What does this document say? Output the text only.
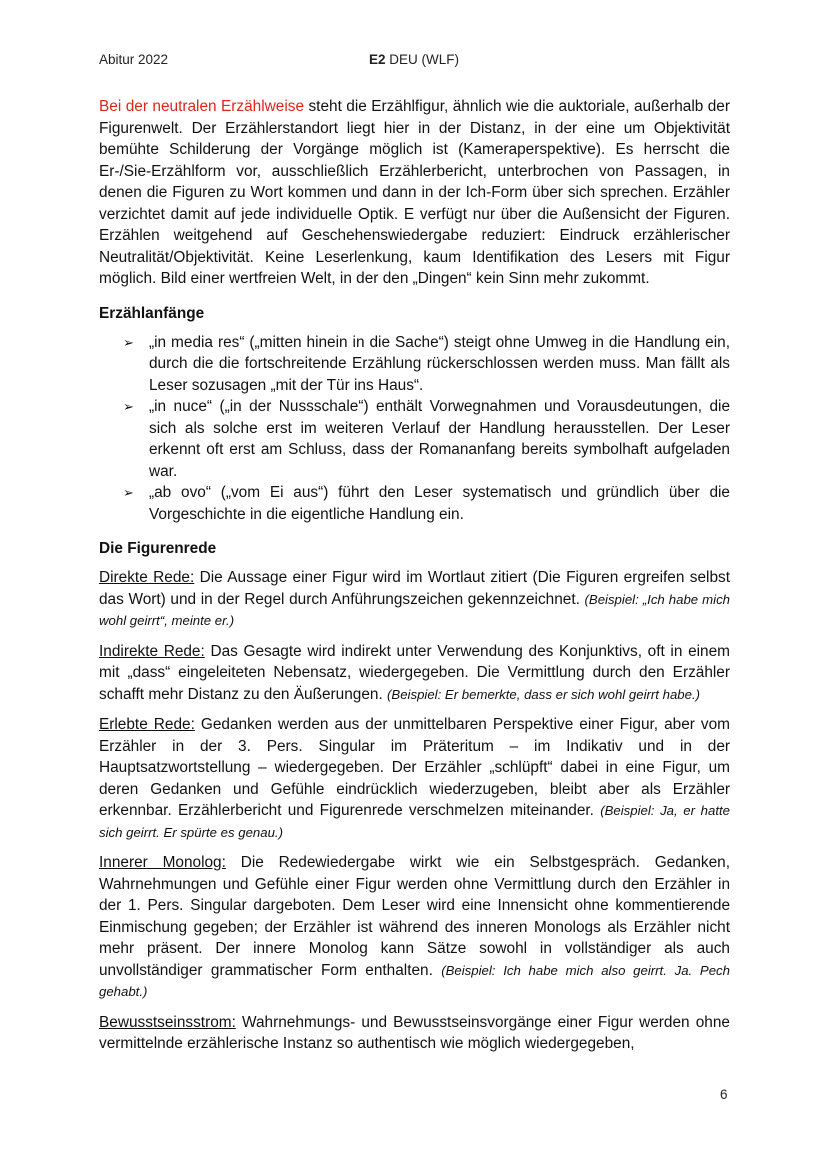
Abitur 2022	E2 DEU (WLF)

Bei der neutralen Erzählweise steht die Erzählfigur, ähnlich wie die auktoriale, außerhalb der Figurenwelt. Der Erzählerstandort liegt hier in der Distanz, in der eine um Objektivität bemühte Schilderung der Vorgänge möglich ist (Kameraperspektive). Es herrscht die Er-/Sie-Erzählform vor, ausschließlich Erzählerbericht, unterbrochen von Passagen, in denen die Figuren zu Wort kommen und dann in der Ich-Form über sich sprechen. Erzähler verzichtet damit auf jede individuelle Optik. E verfügt nur über die Außensicht der Figuren. Erzählen weitgehend auf Geschehenswiedergabe reduziert: Eindruck erzählerischer Neutralität/Objektivität. Keine Leserlenkung, kaum Identifikation des Lesers mit Figur möglich. Bild einer wertfreien Welt, in der den „Dingen“ kein Sinn mehr zukommt.

Erzählanfänge
➢ „in media res“ („mitten hinein in die Sache“) steigt ohne Umweg in die Handlung ein, durch die die fortschreitende Erzählung rückerschlossen werden muss. Man fällt als Leser sozusagen „mit der Tür ins Haus“.
➢ „in nuce“ („in der Nussschale“) enthält Vorwegnahmen und Vorausdeutungen, die sich als solche erst im weiteren Verlauf der Handlung herausstellen. Der Leser erkennt oft erst am Schluss, dass der Romananfang bereits symbolhaft aufgeladen war.
➢ „ab ovo“ („vom Ei aus“) führt den Leser systematisch und gründlich über die Vorgeschichte in die eigentliche Handlung ein.
Die Figurenrede

Direkte Rede: Die Aussage einer Figur wird im Wortlaut zitiert (Die Figuren ergreifen selbst das Wort) und in der Regel durch Anführungszeichen gekennzeichnet. (Beispiel: „Ich habe mich wohl geirrt“, meinte er.)

Indirekte Rede: Das Gesagte wird indirekt unter Verwendung des Konjunktivs, oft in einem mit „dass“ eingeleiteten Nebensatz, wiedergegeben. Die Vermittlung durch den Erzähler schafft mehr Distanz zu den Äußerungen. (Beispiel: Er bemerkte, dass er sich wohl geirrt habe.)

Erlebte Rede: Gedanken werden aus der unmittelbaren Perspektive einer Figur, aber vom Erzähler in der 3. Pers. Singular im Präteritum – im Indikativ und in der Hauptsatzwortstellung – wiedergegeben. Der Erzähler „schlüpft“ dabei in eine Figur, um deren Gedanken und Gefühle eindrücklich wiederzugeben, bleibt aber als Erzähler erkennbar. Erzählerbericht und Figurenrede verschmelzen miteinander. (Beispiel: Ja, er hatte sich geirrt. Er spürte es genau.)

Innerer Monolog: Die Redewiedergabe wirkt wie ein Selbstgespräch. Gedanken, Wahrnehmungen und Gefühle einer Figur werden ohne Vermittlung durch den Erzähler in der 1. Pers. Singular dargeboten. Dem Leser wird eine Innensicht ohne kommentierende Einmischung gegeben; der Erzähler ist während des inneren Monologs als Erzähler nicht mehr präsent. Der innere Monolog kann Sätze sowohl in vollständiger als auch unvollständiger grammatischer Form enthalten. (Beispiel: Ich habe mich also geirrt. Ja. Pech gehabt.)

Bewusstseinsstrom: Wahrnehmungs- und Bewusstseinsvorgänge einer Figur werden ohne vermittelnde erzählerische Instanz so authentisch wie möglich wiedergegeben,

6
